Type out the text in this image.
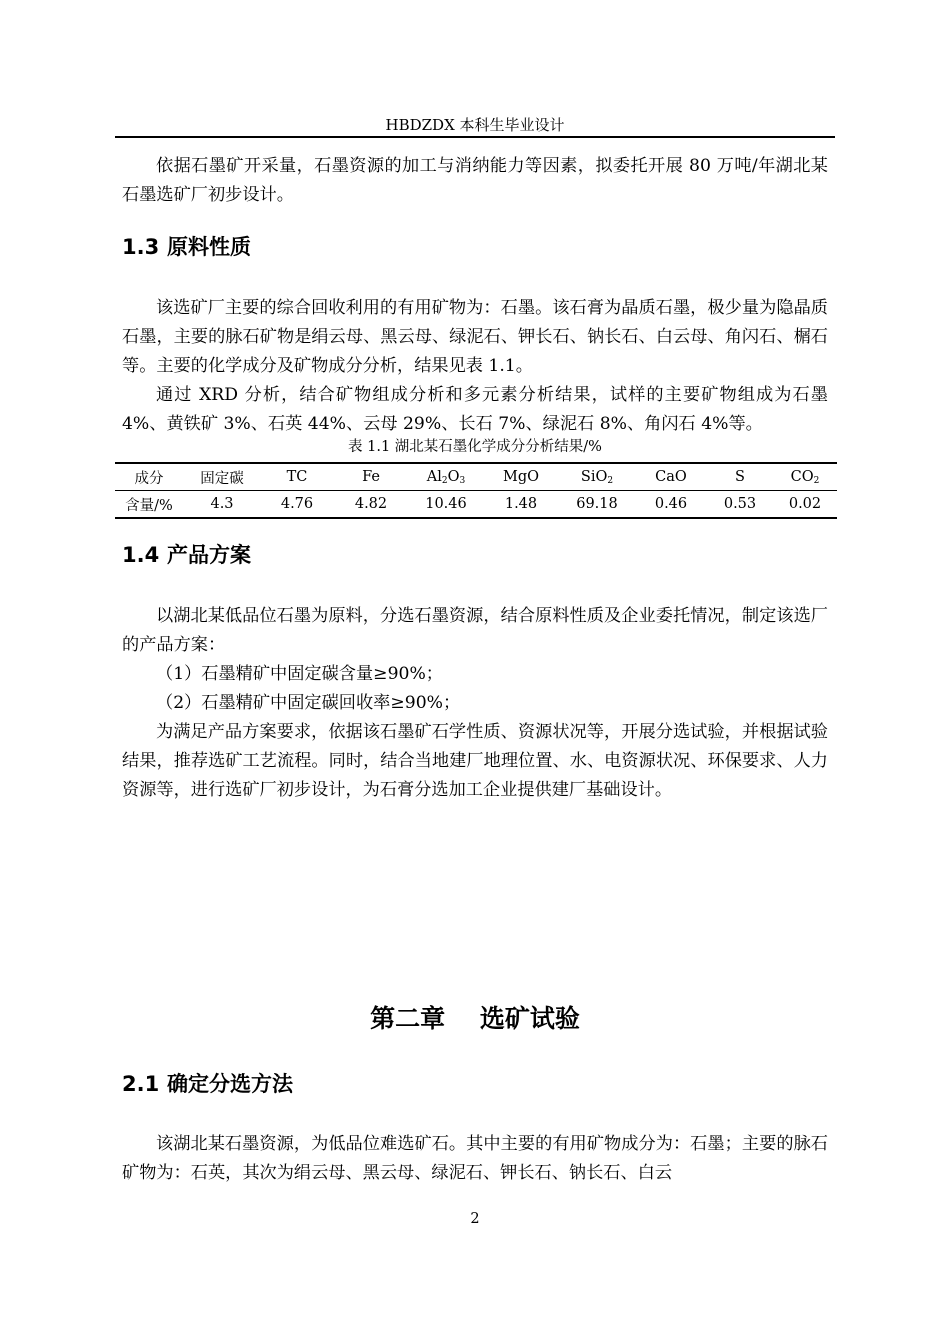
HBDZDX 本科生毕业设计

依据石墨矿开采量，石墨资源的加工与消纳能力等因素，拟委托开展 80 万吨/年湖北某石墨选矿厂初步设计。

1.3 原料性质

该选矿厂主要的综合回收利用的有用矿物为：石墨。该石膏为晶质石墨，极少量为隐晶质石墨，主要的脉石矿物是绢云母、黑云母、绿泥石、钾长石、钠长石、白云母、角闪石、榍石等。主要的化学成分及矿物成分分析，结果见表 1.1。

通过 XRD 分析，结合矿物组成分析和多元素分析结果，试样的主要矿物组成为石墨 4%、黄铁矿 3%、石英 44%、云母 29%、长石 7%、绿泥石 8%、角闪石 4%等。

表 1.1 湖北某石墨化学成分分析结果/%
成分	固定碳	TC	Fe	$Al_2O_3$	MgO	SiO$_2$	CaO	S	$CO_2$
含量/%	4.3	4.76	4.82	10.46	1.48	69.18	0.46	0.53	0.02
1.4 产品方案

以湖北某低品位石墨为原料，分选石墨资源，结合原料性质及企业委托情况，制定该选厂的产品方案：

（1）石墨精矿中固定碳含量≥90%；

（2）石墨精矿中固定碳回收率≥90%；

为满足产品方案要求，依据该石墨矿石学性质、资源状况等，开展分选试验，并根据试验结果，推荐选矿工艺流程。同时，结合当地建厂地理位置、水、电资源状况、环保要求、人力资源等，进行选矿厂初步设计，为石膏分选加工企业提供建厂基础设计。

第二章    选矿试验
2.1 确定分选方法

该湖北某石墨资源，为低品位难选矿石。其中主要的有用矿物成分为：石墨；主要的脉石矿物为：石英，其次为绢云母、黑云母、绿泥石、钾长石、钠长石、白云

2
